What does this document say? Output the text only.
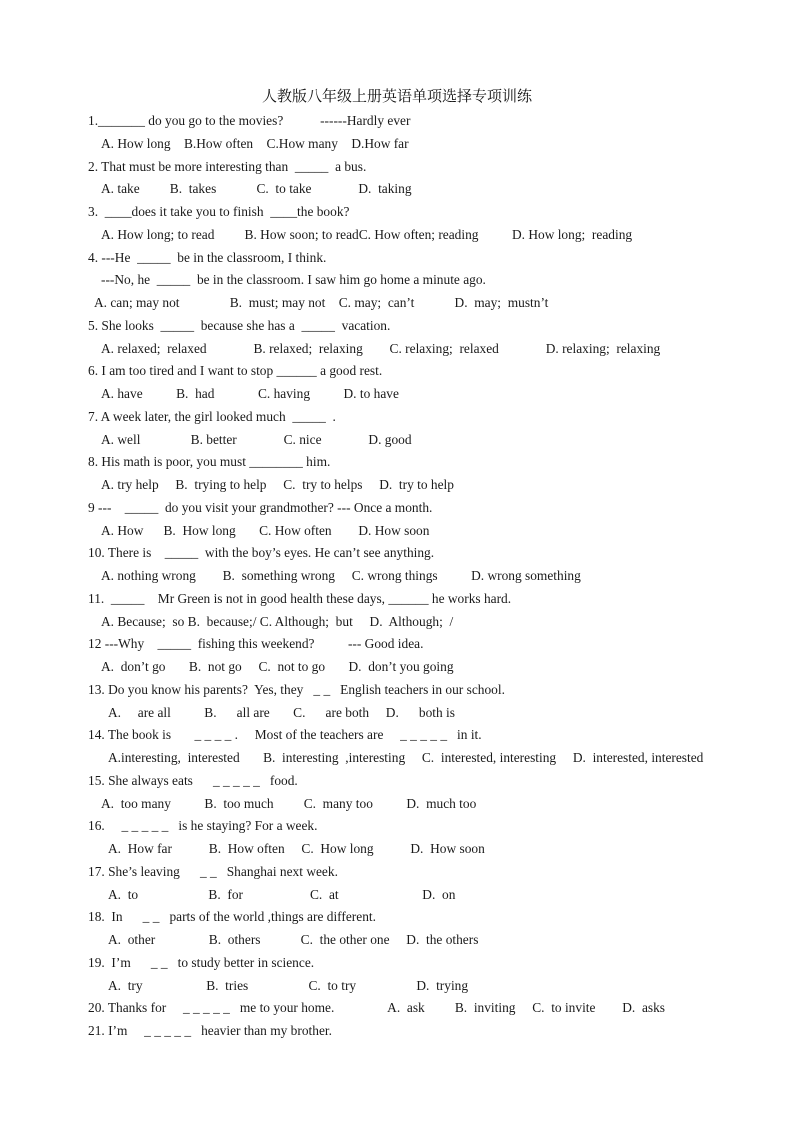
人教版八年级上册英语单项选择专项训练
1._______ do you go to the movies?           ------Hardly ever
A. How long    B.How often    C.How many    D.How far
2. That must be more interesting than  _____  a bus.
A. take         B.  takes            C.  to take              D.  taking
3.  ____does it take you to finish  ____the book?
A. How long; to read         B. How soon; to readC. How often; reading          D. How long;  reading
4. ---He  _____  be in the classroom, I think.
---No, he  _____  be in the classroom. I saw him go home a minute ago.
A. can; may not               B.  must; may not    C. may;  can’t            D.  may;  mustn’t
5. She looks  _____  because she has a  _____  vacation.
A. relaxed;  relaxed              B. relaxed;  relaxing        C. relaxing;  relaxed              D. relaxing;  relaxing
6. I am too tired and I want to stop ______ a good rest.
A. have          B.  had             C. having          D. to have
7. A week later, the girl looked much  _____  .
A. well               B. better              C. nice              D. good
8. His math is poor, you must ________ him.
A. try help     B.  trying to help     C.  try to helps     D.  try to help
9 ---    _____  do you visit your grandmother? --- Once a month.
A. How      B.  How long       C. How often        D. How soon
10. There is    _____  with the boy’s eyes. He can’t see anything.
A. nothing wrong        B.  something wrong     C. wrong things          D. wrong something
11.  _____    Mr Green is not in good health these days, ______ he works hard.
A. Because;  so B.  because;/ C. Although;  but     D.  Although;  /
12 ---Why    _____  fishing this weekend?          --- Good idea.
A.  don’t go       B.  not go     C.  not to go       D.  don’t you going
13. Do you know his parents?  Yes, they   _ _   English teachers in our school.
A.     are all          B.      all are       C.      are both     D.      both is
14. The book is       _ _ _ _ .     Most of the teachers are     _ _ _ _ _   in it.
A.interesting,  interested       B.  interesting  ,interesting     C.  interested, interesting     D.  interested, interested
15. She always eats      _ _ _ _ _   food.
A.  too many          B.  too much         C.  many too          D.  much too
16.     _ _ _ _ _   is he staying? For a week.
A.  How far           B.  How often     C.  How long           D.  How soon
17. She’s leaving      _ _   Shanghai next week.
A.  to                     B.  for                    C.  at                         D.  on
18.  In      _ _   parts of the world ,things are different.
A.  other                B.  others            C.  the other one     D.  the others
19.  I’m      _ _   to study better in science.
A.  try                   B.  tries                  C.  to try                  D.  trying
20. Thanks for     _ _ _ _ _   me to your home.                A.  ask         B.  inviting     C.  to invite        D.  asks
21. I’m     _ _ _ _ _   heavier than my brother.
